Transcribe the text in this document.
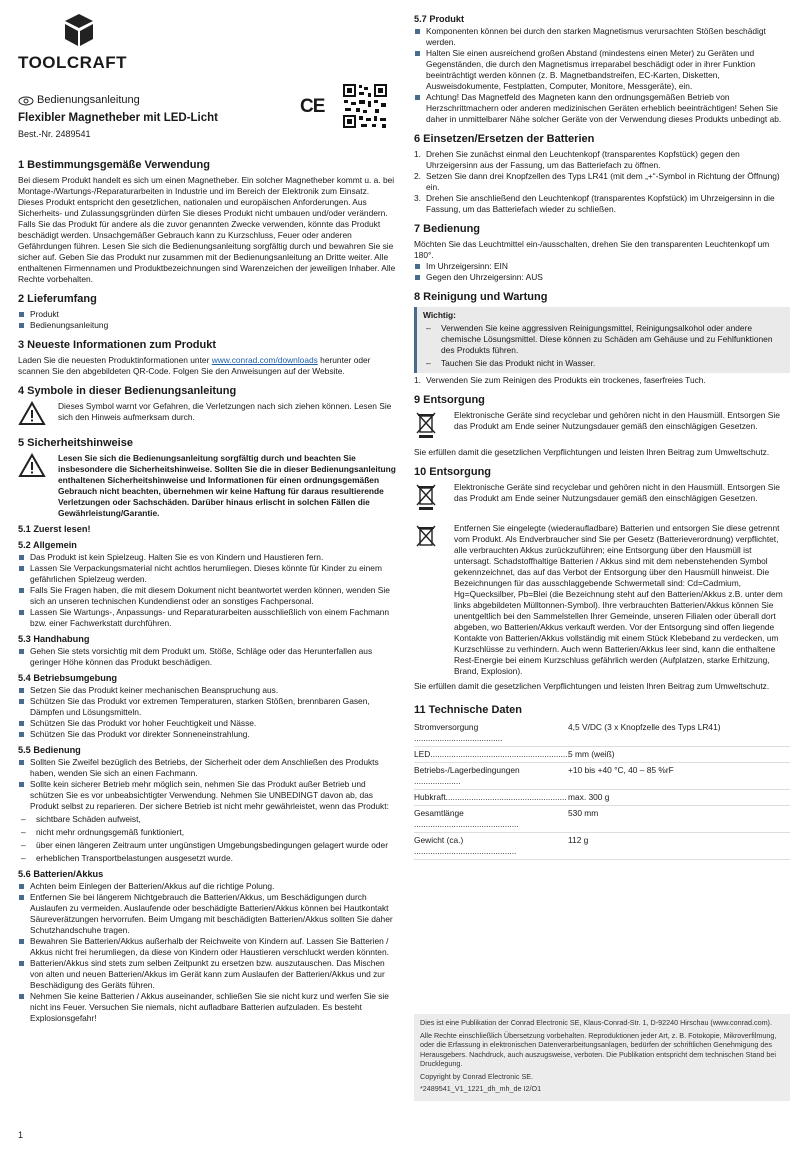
TOOLCRAFT
Bedienungsanleitung
Flexibler Magnetheber mit LED-Licht
Best.-Nr. 2489541
CE
1 Bestimmungsgemäße Verwendung

Bei diesem Produkt handelt es sich um einen Magnetheber. Ein solcher Magnetheber kommt u. a. bei Montage-/Wartungs-/Reparaturarbeiten in Industrie und im Bereich der Elektronik zum Einsatz. Dieses Produkt entspricht den gesetzlichen, nationalen und europäischen Anforderungen. Aus Sicherheits- und Zulassungsgründen dürfen Sie dieses Produkt nicht umbauen und/oder verändern. Falls Sie das Produkt für andere als die zuvor genannten Zwecke verwenden, könnte das Produkt beschädigt werden. Unsachgemäßer Gebrauch kann zu Kurzschluss, Feuer oder anderen Gefährdungen führen. Lesen Sie sich die Bedienungsanleitung sorgfältig durch und bewahren Sie sie sicher auf. Geben Sie das Produkt nur zusammen mit der Bedienungsanleitung an Dritte weiter. Alle enthaltenen Firmennamen und Produktbezeichnungen sind Warenzeichen der jeweiligen Inhaber. Alle Rechte vorbehalten.

2 Lieferumfang
Produkt
Bedienungsanleitung
3 Neueste Informationen zum Produkt

Laden Sie die neuesten Produktinformationen unter www.conrad.com/downloads herunter oder scannen Sie den abgebildeten QR-Code. Folgen Sie den Anweisungen auf der Website.

4 Symbole in dieser Bedienungsanleitung
Dieses Symbol warnt vor Gefahren, die Verletzungen nach sich ziehen können. Lesen Sie sich den Hinweis aufmerksam durch.
5 Sicherheitshinweise
Lesen Sie sich die Bedienungsanleitung sorgfältig durch und beachten Sie insbesondere die Sicherheitshinweise. Sollten Sie die in dieser Bedienungsanleitung enthaltenen Sicherheitshinweise und Informationen für einen ordnungsgemäßen Gebrauch nicht beachten, übernehmen wir keine Haftung für daraus resultierende Verletzungen oder Sachschäden. Darüber hinaus erlischt in solchen Fällen die Gewährleistung/Garantie.
5.1 Zuerst lesen!
5.2 Allgemein
Das Produkt ist kein Spielzeug. Halten Sie es von Kindern und Haustieren fern.
Lassen Sie Verpackungsmaterial nicht achtlos herumliegen. Dieses könnte für Kinder zu einem gefährlichen Spielzeug werden.
Falls Sie Fragen haben, die mit diesem Dokument nicht beantwortet werden können, wenden Sie sich an unseren technischen Kundendienst oder an sonstiges Fachpersonal.
Lassen Sie Wartungs-, Anpassungs- und Reparaturarbeiten ausschließlich von einem Fachmann bzw. einer Fachwerkstatt durchführen.
5.3 Handhabung
Gehen Sie stets vorsichtig mit dem Produkt um. Stöße, Schläge oder das Herunterfallen aus geringer Höhe können das Produkt beschädigen.
5.4 Betriebsumgebung
Setzen Sie das Produkt keiner mechanischen Beanspruchung aus.
Schützen Sie das Produkt vor extremen Temperaturen, starken Stößen, brennbaren Gasen, Dämpfen und Lösungsmitteln.
Schützen Sie das Produkt vor hoher Feuchtigkeit und Nässe.
Schützen Sie das Produkt vor direkter Sonneneinstrahlung.
5.5 Bedienung
Sollten Sie Zweifel bezüglich des Betriebs, der Sicherheit oder dem Anschließen des Produkts haben, wenden Sie sich an einen Fachmann.
Sollte kein sicherer Betrieb mehr möglich sein, nehmen Sie das Produkt außer Betrieb und schützen Sie es vor unbeabsichtigter Verwendung. Nehmen Sie UNBEDINGT davon ab, das Produkt selbst zu reparieren. Der sichere Betrieb ist nicht mehr gewährleistet, wenn das Produkt:
– sichtbare Schäden aufweist,
– nicht mehr ordnungsgemäß funktioniert,
– über einen längeren Zeitraum unter ungünstigen Umgebungsbedingungen gelagert wurde oder
– erheblichen Transportbelastungen ausgesetzt wurde.
5.6 Batterien/Akkus
Achten beim Einlegen der Batterien/Akkus auf die richtige Polung.
Entfernen Sie bei längerem Nichtgebrauch die Batterien/Akkus, um Beschädigungen durch Auslaufen zu vermeiden. Auslaufende oder beschädigte Batterien/Akkus können bei Hautkontakt Säureverätzungen hervorrufen. Beim Umgang mit beschädigten Batterien/Akkus sollten Sie daher Schutzhandschuhe tragen.
Bewahren Sie Batterien/Akkus außerhalb der Reichweite von Kindern auf. Lassen Sie Batterien / Akkus nicht frei herumliegen, da diese von Kindern oder Haustieren verschluckt werden könnten.
Batterien/Akkus sind stets zum selben Zeitpunkt zu ersetzen bzw. auszutauschen. Das Mischen von alten und neuen Batterien/Akkus im Gerät kann zum Auslaufen der Batterien/Akkus und zur Beschädigung des Geräts führen.
Nehmen Sie keine Batterien / Akkus auseinander, schließen Sie sie nicht kurz und werfen Sie sie nicht ins Feuer. Versuchen Sie niemals, nicht aufladbare Batterien aufzuladen. Es besteht Explosionsgefahr!
5.7 Produkt
Komponenten können bei durch den starken Magnetismus verursachten Stößen beschädigt werden.
Halten Sie einen ausreichend großen Abstand (mindestens einen Meter) zu Geräten und Gegenständen, die durch den Magnetismus irreparabel beschädigt oder in ihrer Funktion beeinträchtigt werden können (z. B. Magnetbandstreifen, EC-Karten, Disketten, Ausweisdokumente, Festplatten, Computer, Monitore, Messgeräte), ein.
Achtung! Das Magnetfeld des Magneten kann den ordnungsgemäßen Betrieb von Herzschrittmachern oder anderen medizinischen Geräten erheblich beeinträchtigen! Sehen Sie daher in unmittelbarer Nähe solcher Geräte von der Verwendung dieses Produkts unbedingt ab.
6 Einsetzen/Ersetzen der Batterien
1. Drehen Sie zunächst einmal den Leuchtenkopf (transparentes Kopfstück) gegen den Uhrzeigersinn aus der Fassung, um das Batteriefach zu öffnen.
2. Setzen Sie dann drei Knopfzellen des Typs LR41 (mit dem „+“-Symbol in Richtung der Öffnung) ein.
3. Drehen Sie anschließend den Leuchtenkopf (transparentes Kopfstück) im Uhrzeigersinn in die Fassung, um das Batteriefach wieder zu schließen.
7 Bedienung

Möchten Sie das Leuchtmittel ein-/ausschalten, drehen Sie den transparenten Leuchtenkopf um 180°.

Im Uhrzeigersinn: EIN
Gegen den Uhrzeigersinn: AUS
8 Reinigung und Wartung
Wichtig:
– Verwenden Sie keine aggressiven Reinigungsmittel, Reinigungsalkohol oder andere chemische Lösungsmittel. Diese können zu Schäden am Gehäuse und zu Fehlfunktionen des Produkts führen.
– Tauchen Sie das Produkt nicht in Wasser.
1. Verwenden Sie zum Reinigen des Produkts ein trockenes, faserfreies Tuch.
9 Entsorgung
Elektronische Geräte sind recyclebar und gehören nicht in den Hausmüll. Entsorgen Sie das Produkt am Ende seiner Nutzungsdauer gemäß den einschlägigen Gesetzen.

Sie erfüllen damit die gesetzlichen Verpflichtungen und leisten Ihren Beitrag zum Umweltschutz.

10 Entsorgung
Elektronische Geräte sind recyclebar und gehören nicht in den Hausmüll. Entsorgen Sie das Produkt am Ende seiner Nutzungsdauer gemäß den einschlägigen Gesetzen.
Entfernen Sie eingelegte (wiederaufladbare) Batterien und entsorgen Sie diese getrennt vom Produkt. Als Endverbraucher sind Sie per Gesetz (Batterieverordnung) verpflichtet, alle verbrauchten Akkus zurückzuführen; eine Entsorgung über den Hausmüll ist untersagt. Schadstoffhaltige Batterien / Akkus sind mit dem nebenstehenden Symbol gekennzeichnet, das auf das Verbot der Entsorgung über den Hausmüll hinweist. Die Bezeichnungen für das ausschlaggebende Schwermetall sind: Cd=Cadmium, Hg=Quecksilber, Pb=Blei (die Bezeichnung steht auf den Batterien/Akkus z.B. unter dem links abgebildeten Mülltonnen-Symbol). Ihre verbrauchten Batterien/Akkus können Sie unentgeltlich bei den Sammelstellen Ihrer Gemeinde, unseren Filialen oder überall dort abgeben, wo Batterien/Akkus verkauft werden. Vor der Entsorgung sind offen liegende Kontakte von Batterien/Akkus vollständig mit einem Stück Klebeband zu verdecken, um Kurzschlüsse zu verhindern. Auch wenn Batterien/Akkus leer sind, kann die enthaltene Rest-Energie bei einem Kurzschluss gefährlich werden (Aufplatzen, starke Erhitzung, Brand, Explosion).

Sie erfüllen damit die gesetzlichen Verpflichtungen und leisten Ihren Beitrag zum Umweltschutz.

11 Technische Daten
Stromversorgung ......................................
4,5 V/DC (3 x Knopfzelle des Typs LR41)
LED............................................................
5 mm (weiß)
Betriebs-/Lagerbedingungen ....................
+10 bis +40 °C, 40 – 85 %rF
Hubkraft.................................................... max. 300 g
Gesamtlänge .............................................
530 mm
Gewicht (ca.) ............................................
112 g
Dies ist eine Publikation der Conrad Electronic SE, Klaus-Conrad-Str. 1, D-92240 Hirschau (www.conrad.com).
Alle Rechte einschließlich Übersetzung vorbehalten. Reproduktionen jeder Art, z. B. Fotokopie, Mikroverfilmung, oder die Erfassung in elektronischen Datenverarbeitungsanlagen, bedürfen der schriftlichen Genehmigung des Herausgebers. Nachdruck, auch auszugsweise, verboten. Die Publikation entspricht dem technischen Stand bei Drucklegung.
Copyright by Conrad Electronic SE.
*2489541_V1_1221_dh_mh_de I2/O1
1
